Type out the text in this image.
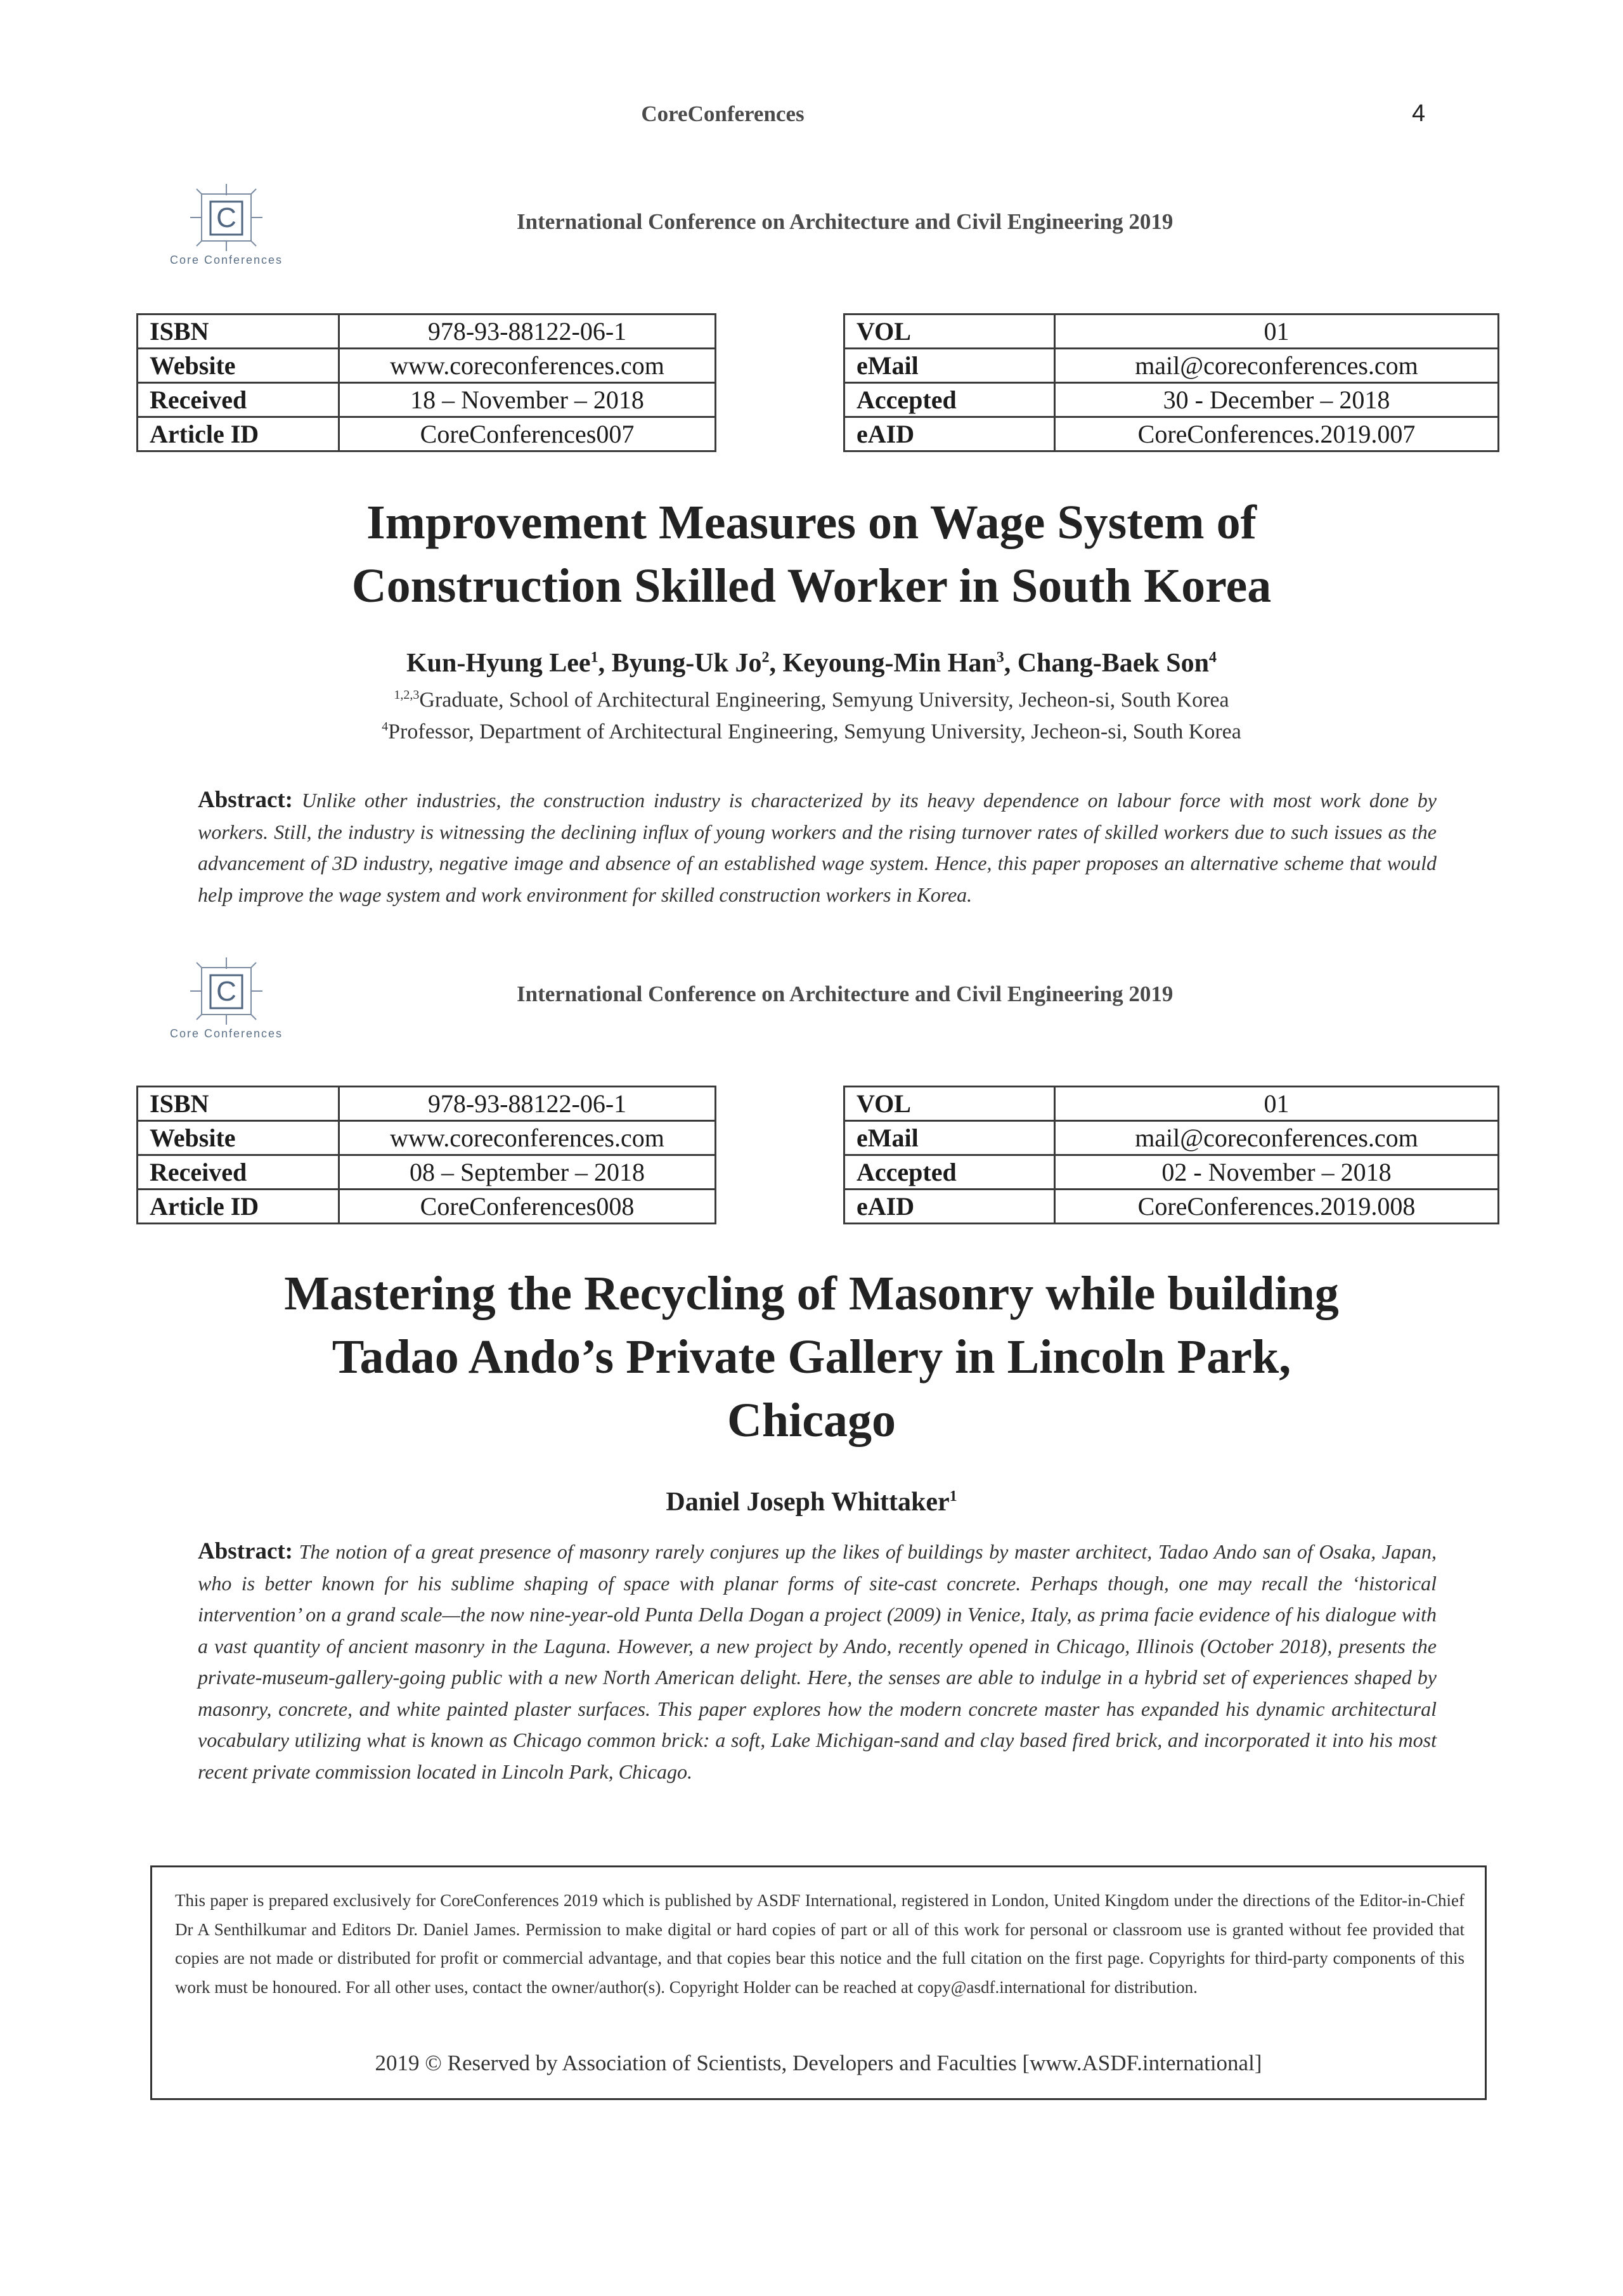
CoreConferences	4
C
Core Conferences
International Conference on Architecture and Civil Engineering 2019
ISBN	978-93-88122-06-1
Website	www.coreconferences.com
Received	18 – November – 2018
Article ID	CoreConferences007
VOL	01
eMail	mail@coreconferences.com
Accepted	30 - December – 2018
eAID	CoreConferences.2019.007
Improvement Measures on Wage System of
Construction Skilled Worker in South Korea
Kun-Hyung Lee$^1$, Byung-Uk Jo$^2$, Keyoung-Min Han$^3$, Chang-Baek Son$^4$
$^{1,2,3}$Graduate, School of Architectural Engineering, Semyung University, Jecheon-si, South Korea
$^4$Professor, Department of Architectural Engineering, Semyung University, Jecheon-si, South Korea
Abstract: Unlike other industries, the construction industry is characterized by its heavy dependence on labour force with most work done by workers. Still, the industry is witnessing the declining influx of young workers and the rising turnover rates of skilled workers due to such issues as the advancement of 3D industry, negative image and absence of an established wage system. Hence, this paper proposes an alternative scheme that would help improve the wage system and work environment for skilled construction workers in Korea.
C
Core Conferences
International Conference on Architecture and Civil Engineering 2019
ISBN	978-93-88122-06-1
Website	www.coreconferences.com
Received	08 – September – 2018
Article ID	CoreConferences008
VOL	01
eMail	mail@coreconferences.com
Accepted	02 - November – 2018
eAID	CoreConferences.2019.008
Mastering the Recycling of Masonry while building
Tadao Ando’s Private Gallery in Lincoln Park,
Chicago
Daniel Joseph Whittaker$^1$
Abstract: The notion of a great presence of masonry rarely conjures up the likes of buildings by master architect, Tadao Ando san of Osaka, Japan, who is better known for his sublime shaping of space with planar forms of site-cast concrete. Perhaps though, one may recall the ‘historical intervention’ on a grand scale—the now nine-year-old Punta Della Dogan a project (2009) in Venice, Italy, as prima facie evidence of his dialogue with a vast quantity of ancient masonry in the Laguna. However, a new project by Ando, recently opened in Chicago, Illinois (October 2018), presents the private-museum-gallery-going public with a new North American delight. Here, the senses are able to indulge in a hybrid set of experiences shaped by masonry, concrete, and white painted plaster surfaces. This paper explores how the modern concrete master has expanded his dynamic architectural vocabulary utilizing what is known as Chicago common brick: a soft, Lake Michigan-sand and clay based fired brick, and incorporated it into his most recent private commission located in Lincoln Park, Chicago.
This paper is prepared exclusively for CoreConferences 2019 which is published by ASDF International, registered in London, United Kingdom under the directions of the Editor-in-Chief Dr A Senthilkumar and Editors Dr. Daniel James. Permission to make digital or hard copies of part or all of this work for personal or classroom use is granted without fee provided that copies are not made or distributed for profit or commercial advantage, and that copies bear this notice and the full citation on the first page. Copyrights for third-party components of this work must be honoured. For all other uses, contact the owner/author(s). Copyright Holder can be reached at copy@asdf.international for distribution.
2019 © Reserved by Association of Scientists, Developers and Faculties [www.ASDF.international]
